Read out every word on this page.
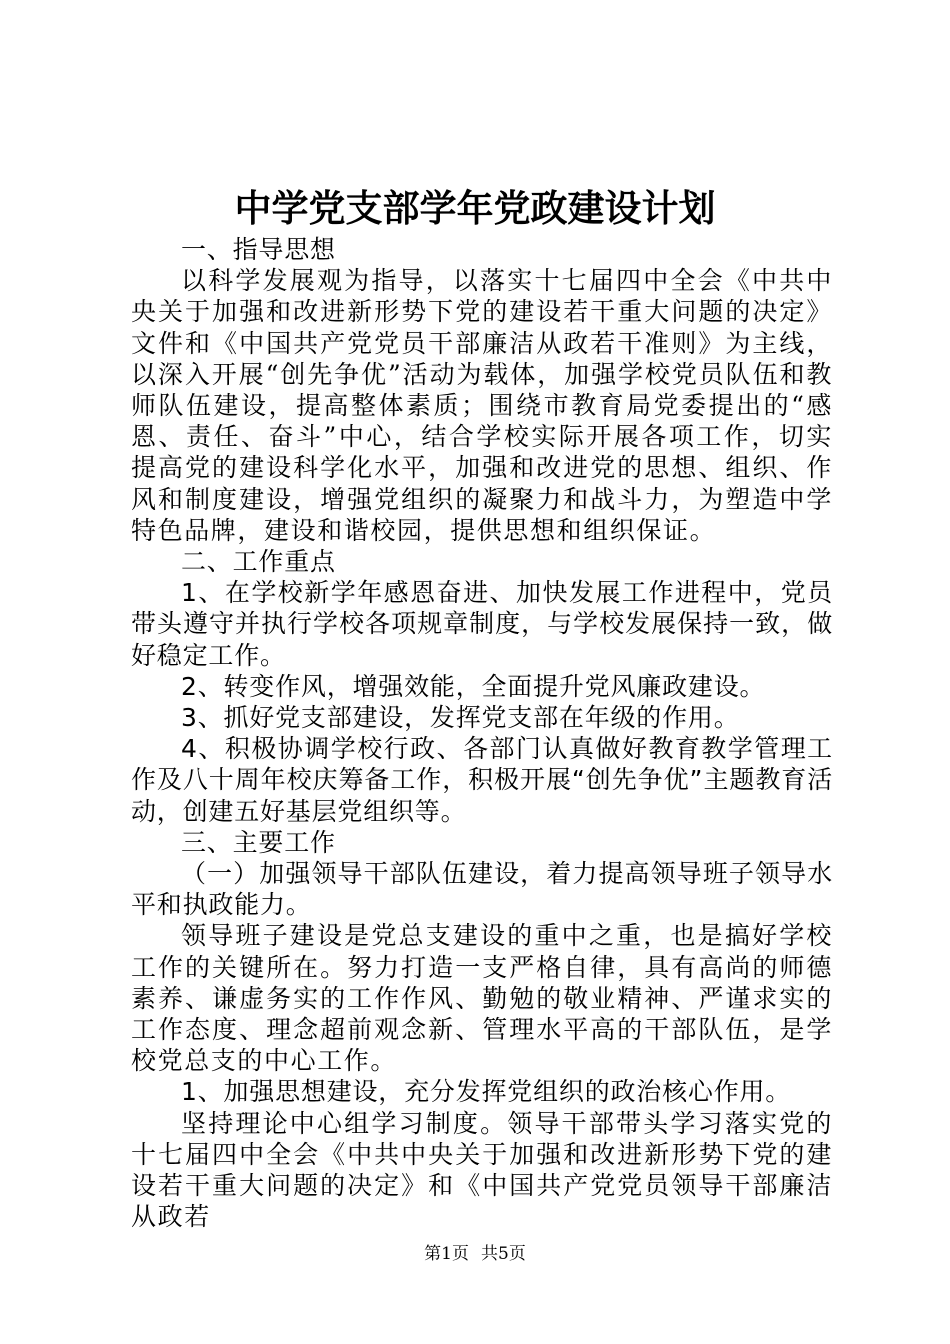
中学党支部学年党政建设计划

一、指导思想

以科学发展观为指导，以落实十七届四中全会《中共中央关于加强和改进新形势下党的建设若干重大问题的决定》文件和《中国共产党党员干部廉洁从政若干准则》为主线，以深入开展“创先争优”活动为载体，加强学校党员队伍和教师队伍建设，提高整体素质；围绕市教育局党委提出的“感恩、责任、奋斗”中心，结合学校实际开展各项工作，切实提高党的建设科学化水平，加强和改进党的思想、组织、作风和制度建设，增强党组织的凝聚力和战斗力，为塑造中学特色品牌，建设和谐校园，提供思想和组织保证。

二、工作重点

1、在学校新学年感恩奋进、加快发展工作进程中，党员带头遵守并执行学校各项规章制度，与学校发展保持一致，做好稳定工作。

2、转变作风，增强效能，全面提升党风廉政建设。

3、抓好党支部建设，发挥党支部在年级的作用。

4、积极协调学校行政、各部门认真做好教育教学管理工作及八十周年校庆筹备工作，积极开展“创先争优”主题教育活动，创建五好基层党组织等。

三、主要工作

（一）加强领导干部队伍建设，着力提高领导班子领导水平和执政能力。

领导班子建设是党总支建设的重中之重，也是搞好学校工作的关键所在。努力打造一支严格自律，具有高尚的师德素养、谦虚务实的工作作风、勤勉的敬业精神、严谨求实的工作态度、理念超前观念新、管理水平高的干部队伍，是学校党总支的中心工作。

1、加强思想建设，充分发挥党组织的政治核心作用。

坚持理论中心组学习制度。领导干部带头学习落实党的十七届四中全会《中共中央关于加强和改进新形势下党的建设若干重大问题的决定》和《中国共产党党员领导干部廉洁从政若

第1页 共5页
